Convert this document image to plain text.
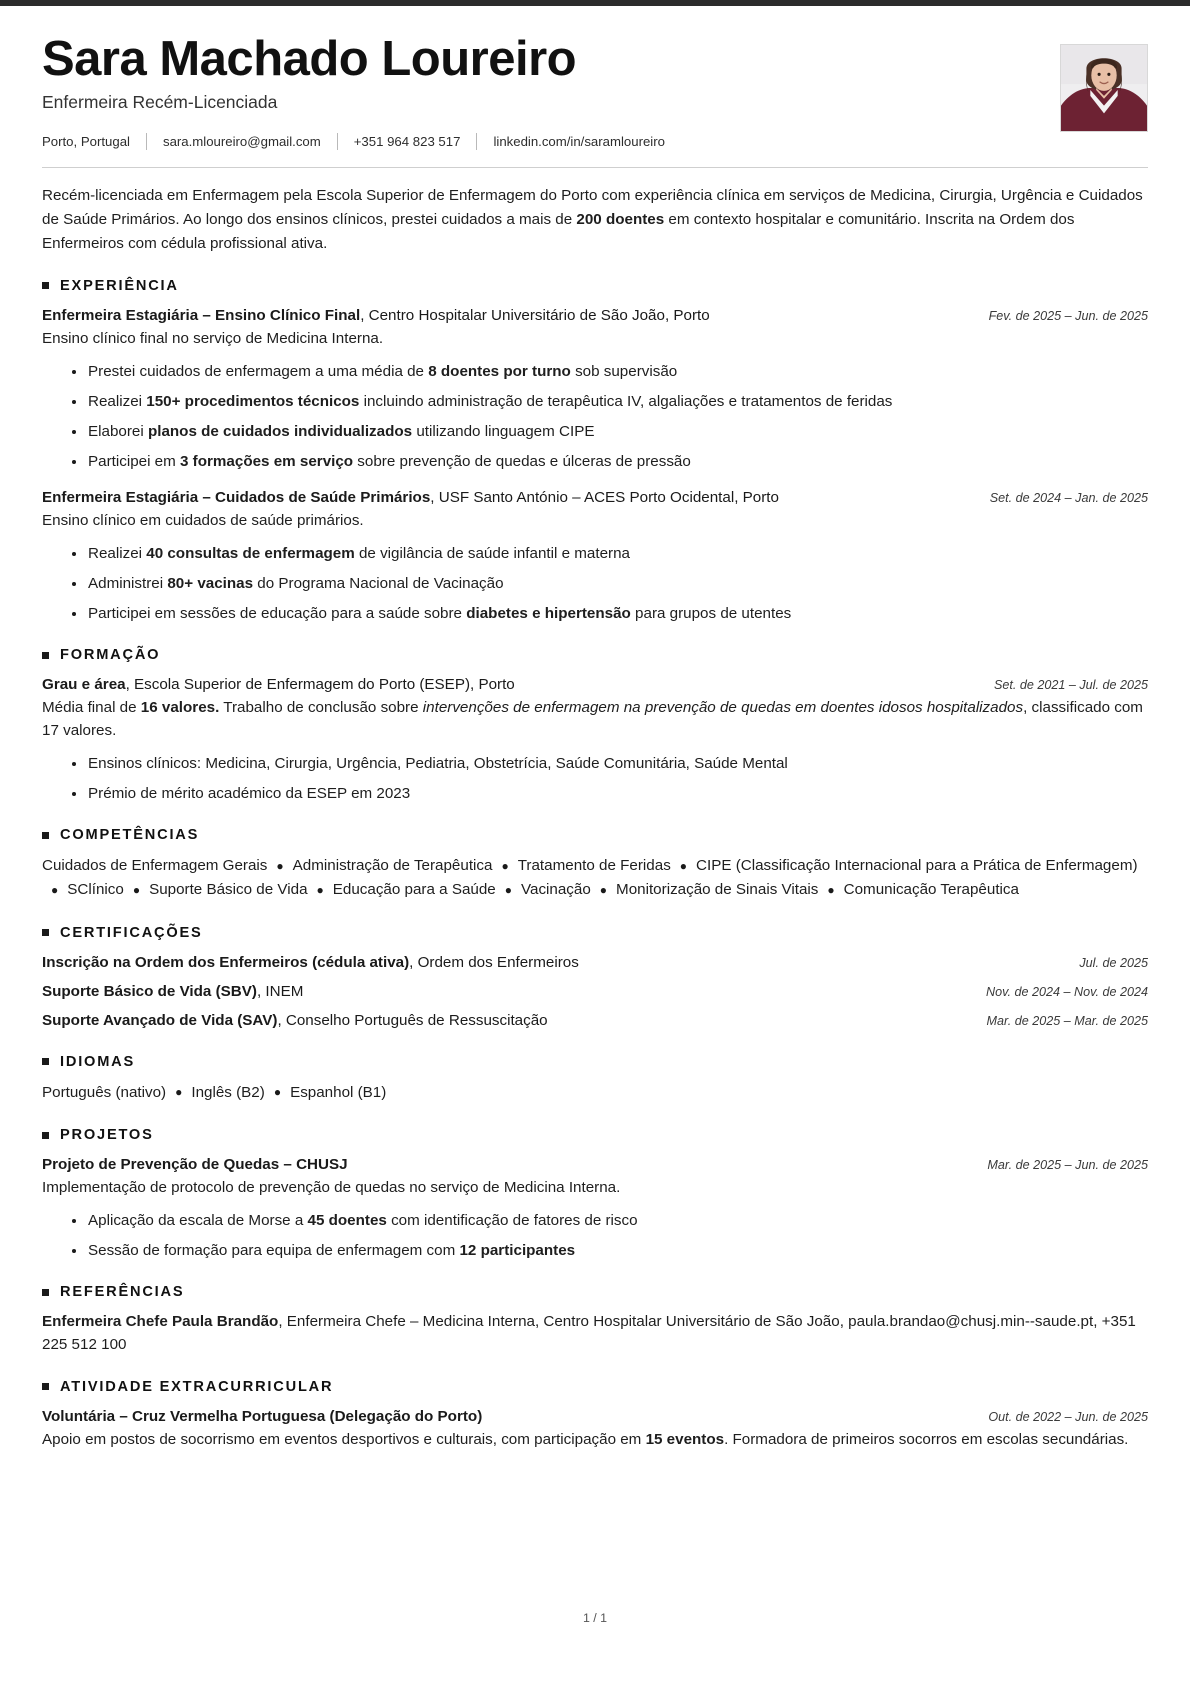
Sara Machado Loureiro
Enfermeira Recém-Licenciada
Porto, Portugal	sara.mloureiro@gmail.com	+351 964 823 517	linkedin.com/in/saramloureiro

Recém-licenciada em Enfermagem pela Escola Superior de Enfermagem do Porto com experiência clínica em serviços de Medicina, Cirurgia, Urgência e Cuidados de Saúde Primários. Ao longo dos ensinos clínicos, prestei cuidados a mais de 200 doentes em contexto hospitalar e comunitário. Inscrita na Ordem dos Enfermeiros com cédula profissional ativa.

EXPERIÊNCIA
Enfermeira Estagiária – Ensino Clínico Final, Centro Hospitalar Universitário de São João, Porto	Fev. de 2025 – Jun. de 2025
Ensino clínico final no serviço de Medicina Interna.
Prestei cuidados de enfermagem a uma média de 8 doentes por turno sob supervisão
Realizei 150+ procedimentos técnicos incluindo administração de terapêutica IV, algaliações e tratamentos de feridas
Elaborei planos de cuidados individualizados utilizando linguagem CIPE
Participei em 3 formações em serviço sobre prevenção de quedas e úlceras de pressão
Enfermeira Estagiária – Cuidados de Saúde Primários, USF Santo António – ACES Porto Ocidental, Porto	Set. de 2024 – Jan. de 2025
Ensino clínico em cuidados de saúde primários.
Realizei 40 consultas de enfermagem de vigilância de saúde infantil e materna
Administrei 80+ vacinas do Programa Nacional de Vacinação
Participei em sessões de educação para a saúde sobre diabetes e hipertensão para grupos de utentes
FORMAÇÃO
Grau e área, Escola Superior de Enfermagem do Porto (ESEP), Porto	Set. de 2021 – Jul. de 2025
Média final de 16 valores. Trabalho de conclusão sobre intervenções de enfermagem na prevenção de quedas em doentes idosos hospitalizados, classificado com 17 valores.
Ensinos clínicos: Medicina, Cirurgia, Urgência, Pediatria, Obstetrícia, Saúde Comunitária, Saúde Mental
Prémio de mérito académico da ESEP em 2023
COMPETÊNCIAS
Cuidados de Enfermagem Gerais ● Administração de Terapêutica ● Tratamento de Feridas ● CIPE (Classificação Internacional para a Prática de Enfermagem)● SClínico ● Suporte Básico de Vida ● Educação para a Saúde ● Vacinação ● Monitorização de Sinais Vitais ● Comunicação Terapêutica
CERTIFICAÇÕES
Inscrição na Ordem dos Enfermeiros (cédula ativa), Ordem dos Enfermeiros	Jul. de 2025
Suporte Básico de Vida (SBV), INEM	Nov. de 2024 – Nov. de 2024
Suporte Avançado de Vida (SAV), Conselho Português de Ressuscitação	Mar. de 2025 – Mar. de 2025
IDIOMAS
Português (nativo) ● Inglês (B2) ● Espanhol (B1)
PROJETOS
Projeto de Prevenção de Quedas – CHUSJ	Mar. de 2025 – Jun. de 2025
Implementação de protocolo de prevenção de quedas no serviço de Medicina Interna.
Aplicação da escala de Morse a 45 doentes com identificação de fatores de risco
Sessão de formação para equipa de enfermagem com 12 participantes
REFERÊNCIAS
Enfermeira Chefe Paula Brandão, Enfermeira Chefe – Medicina Interna, Centro Hospitalar Universitário de São João, paula.brandao@chusj.min--saude.pt, +351 225 512 100
ATIVIDADE EXTRACURRICULAR
Voluntária – Cruz Vermelha Portuguesa (Delegação do Porto)	Out. de 2022 – Jun. de 2025
Apoio em postos de socorrismo em eventos desportivos e culturais, com participação em 15 eventos. Formadora de primeiros socorros em escolas secundárias.
1 / 1
